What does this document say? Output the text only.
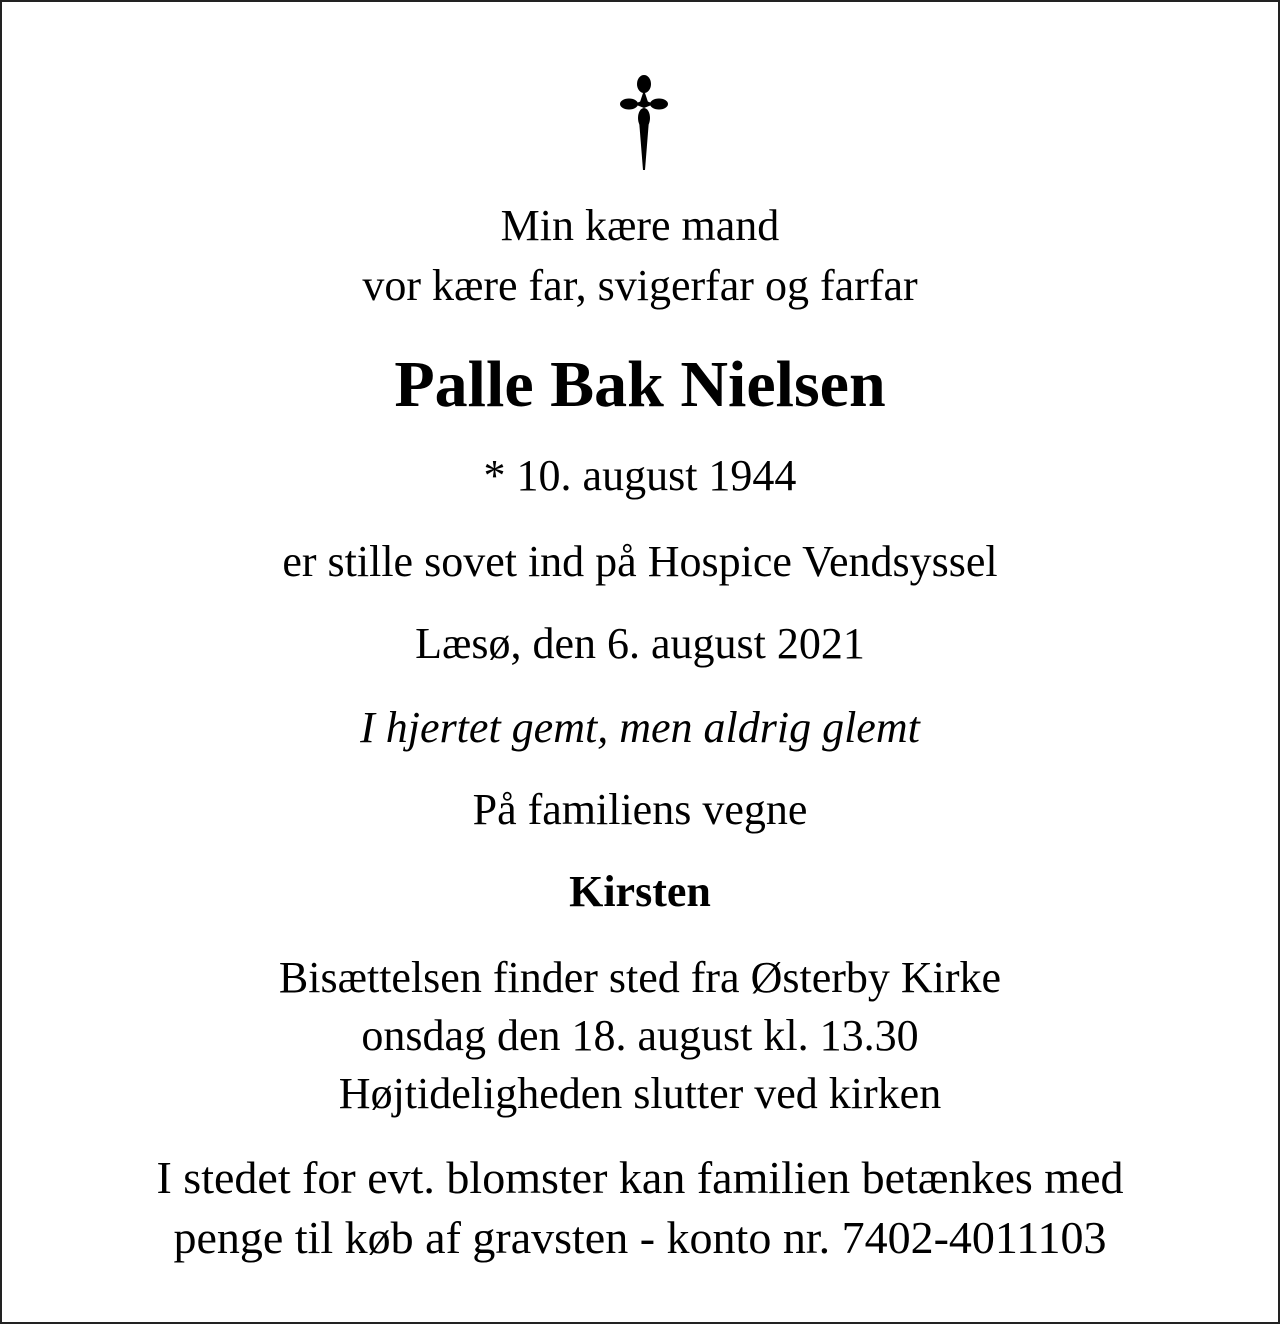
Min kære mand
vor kære far, svigerfar og farfar
Palle Bak Nielsen
* 10. august 1944
er stille sovet ind på Hospice Vendsyssel
Læsø, den 6. august 2021
I hjertet gemt, men aldrig glemt
På familiens vegne
Kirsten
Bisættelsen finder sted fra Østerby Kirke
onsdag den 18. august kl. 13.30
Højtideligheden slutter ved kirken
I stedet for evt. blomster kan familien betænkes med
penge til køb af gravsten - konto nr. 7402-4011103
